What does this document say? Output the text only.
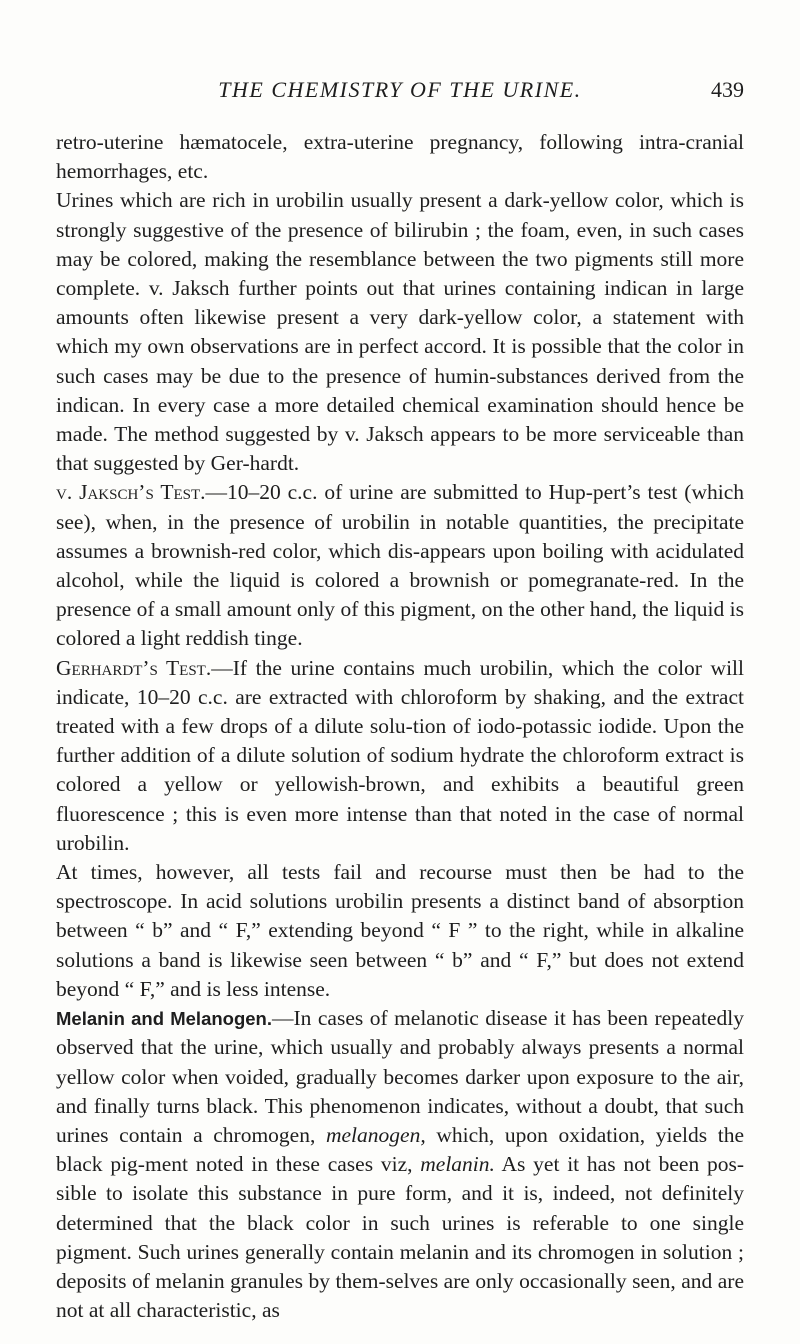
THE CHEMISTRY OF THE URINE.	439

retro-uterine hæmatocele, extra-uterine pregnancy, following intra-cranial hemorrhages, etc.

Urines which are rich in urobilin usually present a dark-yellow color, which is strongly suggestive of the presence of bilirubin ; the foam, even, in such cases may be colored, making the resemblance between the two pigments still more complete. v. Jaksch further points out that urines containing indican in large amounts often likewise present a very dark-yellow color, a statement with which my own observations are in perfect accord. It is possible that the color in such cases may be due to the presence of humin-substances derived from the indican. In every case a more detailed chemical examination should hence be made. The method suggested by v. Jaksch appears to be more serviceable than that suggested by Ger-hardt.

v. Jaksch’s Test.—10–20 c.c. of urine are submitted to Hup-pert’s test (which see), when, in the presence of urobilin in notable quantities, the precipitate assumes a brownish-red color, which dis-appears upon boiling with acidulated alcohol, while the liquid is colored a brownish or pomegranate-red. In the presence of a small amount only of this pigment, on the other hand, the liquid is colored a light reddish tinge.

Gerhardt’s Test.—If the urine contains much urobilin, which the color will indicate, 10–20 c.c. are extracted with chloroform by shaking, and the extract treated with a few drops of a dilute solu-tion of iodo-potassic iodide. Upon the further addition of a dilute solution of sodium hydrate the chloroform extract is colored a yellow or yellowish-brown, and exhibits a beautiful green fluorescence ; this is even more intense than that noted in the case of normal urobilin.

At times, however, all tests fail and recourse must then be had to the spectroscope. In acid solutions urobilin presents a distinct band of absorption between “ b” and “ F,” extending beyond “ F ” to the right, while in alkaline solutions a band is likewise seen between “ b” and “ F,” but does not extend beyond “ F,” and is less intense.

Melanin and Melanogen.—In cases of melanotic disease it has been repeatedly observed that the urine, which usually and probably always presents a normal yellow color when voided, gradually becomes darker upon exposure to the air, and finally turns black. This phenomenon indicates, without a doubt, that such urines contain a chromogen, melanogen, which, upon oxidation, yields the black pig-ment noted in these cases viz, melanin. As yet it has not been pos-sible to isolate this substance in pure form, and it is, indeed, not definitely determined that the black color in such urines is referable to one single pigment. Such urines generally contain melanin and its chromogen in solution ; deposits of melanin granules by them-selves are only occasionally seen, and are not at all characteristic, as
